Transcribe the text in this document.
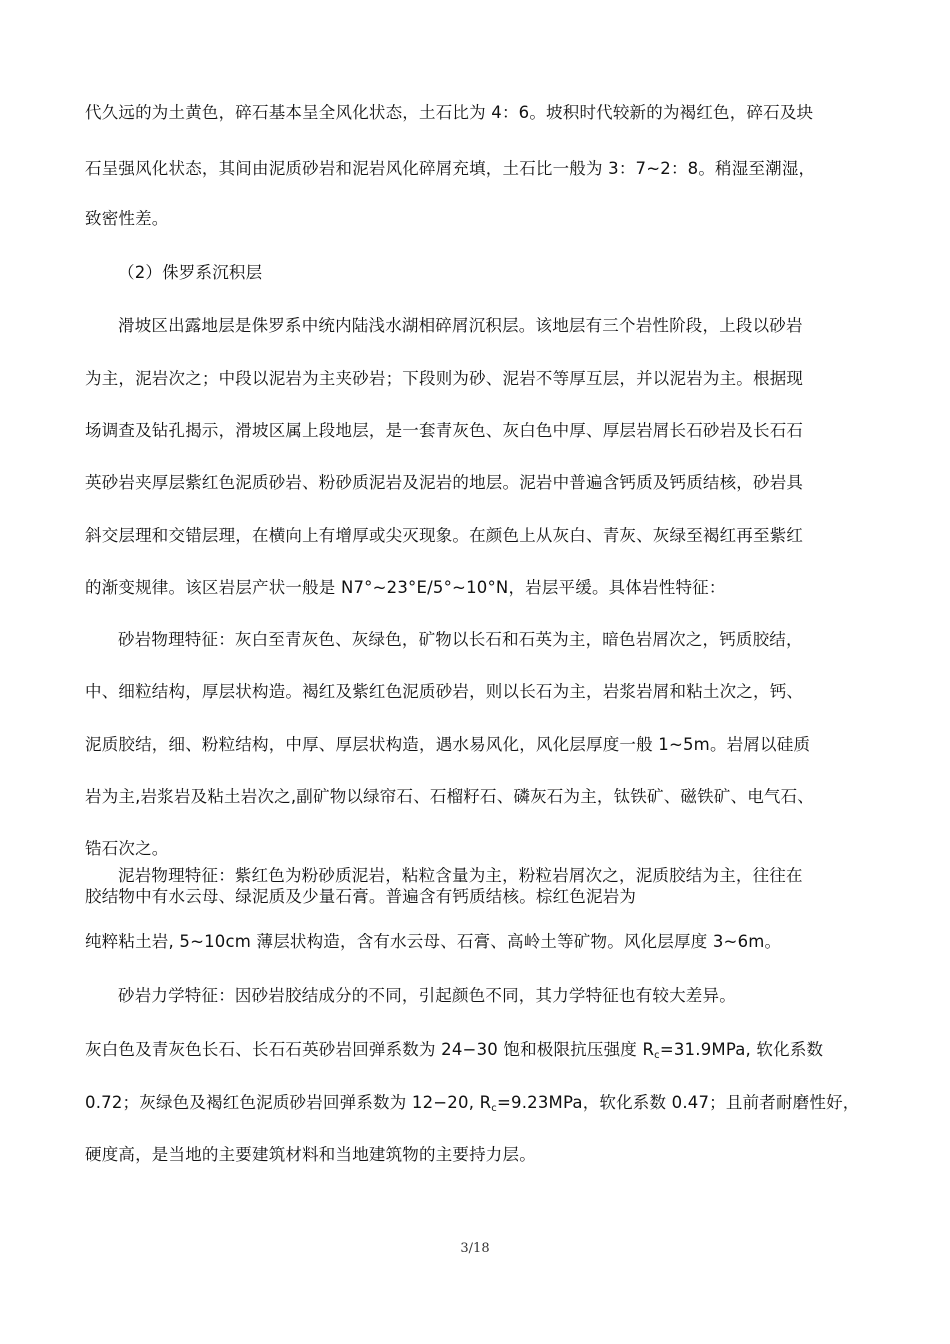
代久远的为土黄色，碎石基本呈全风化状态，土石比为 4：6。坡积时代较新的为褐红色，碎石及块
石呈强风化状态，其间由泥质砂岩和泥岩风化碎屑充填，土石比一般为 3：7~2：8。稍湿至潮湿，
致密性差。
（2）侏罗系沉积层
滑坡区出露地层是侏罗系中统内陆浅水湖相碎屑沉积层。该地层有三个岩性阶段，上段以砂岩
为主，泥岩次之；中段以泥岩为主夹砂岩；下段则为砂、泥岩不等厚互层，并以泥岩为主。根据现
场调查及钻孔揭示，滑坡区属上段地层，是一套青灰色、灰白色中厚、厚层岩屑长石砂岩及长石石
英砂岩夹厚层紫红色泥质砂岩、粉砂质泥岩及泥岩的地层。泥岩中普遍含钙质及钙质结核，砂岩具
斜交层理和交错层理，在横向上有增厚或尖灭现象。在颜色上从灰白、青灰、灰绿至褐红再至紫红
的渐变规律。该区岩层产状一般是 N7°~23°E/5°~10°N，岩层平缓。具体岩性特征：
砂岩物理特征：灰白至青灰色、灰绿色，矿物以长石和石英为主，暗色岩屑次之，钙质胶结，
中、细粒结构，厚层状构造。褐红及紫红色泥质砂岩，则以长石为主，岩浆岩屑和粘土次之，钙、
泥质胶结，细、粉粒结构，中厚、厚层状构造，遇水易风化，风化层厚度一般 1~5m。岩屑以硅质
岩为主,岩浆岩及粘土岩次之,副矿物以绿帘石、石榴籽石、磷灰石为主，钛铁矿、磁铁矿、电气石、
锆石次之。
泥岩物理特征：紫红色为粉砂质泥岩，粘粒含量为主，粉粒岩屑次之，泥质胶结为主，往往在
胶结物中有水云母、绿泥质及少量石膏。普遍含有钙质结核。棕红色泥岩为
纯粹粘土岩, 5~10cm 薄层状构造，含有水云母、石膏、高岭土等矿物。风化层厚度 3~6m。
砂岩力学特征：因砂岩胶结成分的不同，引起颜色不同，其力学特征也有较大差异。
灰白色及青灰色长石、长石石英砂岩回弹系数为 24−30 饱和极限抗压强度 $R_c=31.9MPa$, 软化系数
0.72；灰绿色及褐红色泥质砂岩回弹系数为 12−20, $R_c=9.23MPa$，软化系数 0.47；且前者耐磨性好，
硬度高，是当地的主要建筑材料和当地建筑物的主要持力层。
3/18
